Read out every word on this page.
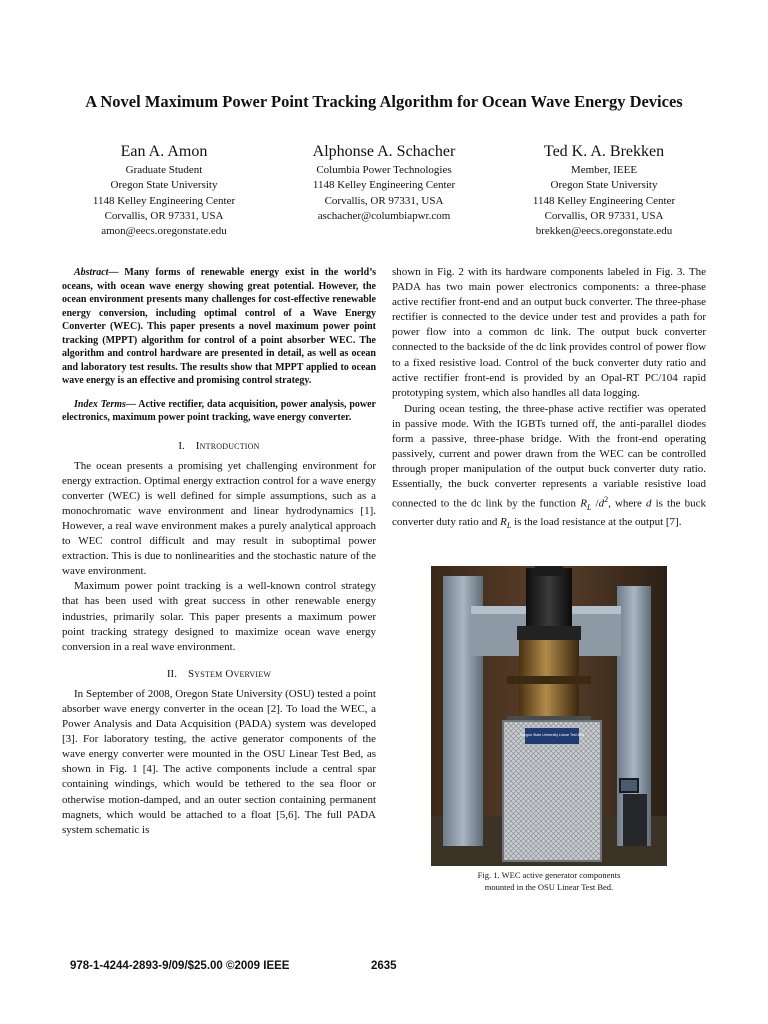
A Novel Maximum Power Point Tracking Algorithm for Ocean Wave Energy Devices
Ean A. Amon
Graduate Student
Oregon State University
1148 Kelley Engineering Center
Corvallis, OR 97331, USA
amon@eecs.oregonstate.edu
Alphonse A. Schacher
Columbia Power Technologies
1148 Kelley Engineering Center
Corvallis, OR 97331, USA
aschacher@columbiapwr.com
Ted K. A. Brekken
Member, IEEE
Oregon State University
1148 Kelley Engineering Center
Corvallis, OR 97331, USA
brekken@eecs.oregonstate.edu

Abstract— Many forms of renewable energy exist in the world’s oceans, with ocean wave energy showing great potential. However, the ocean environment presents many challenges for cost-effective renewable energy conversion, including optimal control of a Wave Energy Converter (WEC). This paper presents a novel maximum power point tracking (MPPT) algorithm for control of a point absorber WEC. The algorithm and control hardware are presented in detail, as well as ocean and laboratory test results. The results show that MPPT applied to ocean wave energy is an effective and promising control strategy.

Index Terms— Active rectifier, data acquisition, power analysis, power electronics, maximum power point tracking, wave energy converter.

I. Introduction

The ocean presents a promising yet challenging environment for energy extraction. Optimal energy extraction control for a wave energy converter (WEC) is well defined for simple assumptions, such as a monochromatic wave environment and linear hydrodynamics [1]. However, a real wave environment makes a purely analytical approach to WEC control difficult and may result in suboptimal power extraction. This is due to nonlinearities and the stochastic nature of the wave environment.

Maximum power point tracking is a well-known control strategy that has been used with great success in other renewable energy industries, primarily solar. This paper presents a maximum power point tracking strategy designed to maximize ocean wave energy conversion in a real wave environment.

II. System Overview

In September of 2008, Oregon State University (OSU) tested a point absorber wave energy converter in the ocean [2]. To load the WEC, a Power Analysis and Data Acquisition (PADA) system was developed [3]. For laboratory testing, the active generator components of the wave energy converter were mounted in the OSU Linear Test Bed, as shown in Fig. 1 [4]. The active components include a central spar containing windings, which would be tethered to the sea floor or otherwise motion-damped, and an outer section containing permanent magnets, which would be attached to a float [5,6]. The full PADA system schematic is

shown in Fig. 2 with its hardware components labeled in Fig. 3. The PADA has two main power electronics components: a three-phase active rectifier front-end and an output buck converter. The three-phase rectifier is connected to the device under test and provides a path for power flow into a common dc link. The output buck converter connected to the backside of the dc link provides control of power flow to a fixed resistive load. Control of the buck converter duty ratio and active rectifier front-end is provided by an Opal-RT PC/104 rapid prototyping system, which also handles all data logging.

During ocean testing, the three-phase active rectifier was operated in passive mode. With the IGBTs turned off, the anti-parallel diodes form a passive, three-phase bridge. With the front-end operating passively, current and power drawn from the WEC can be controlled through proper manipulation of the output buck converter duty ratio. Essentially, the buck converter represents a variable resistive load connected to the dc link by the function $R_L$ $/d^2$, where d is the buck converter duty ratio and $R_L$ is the load resistance at the output [7].

Oregon State University Linear Test Bed
Fig. 1. WEC active generator components
mounted in the OSU Linear Test Bed.
978-1-4244-2893-9/09/$25.00 ©2009 IEEE	2635
